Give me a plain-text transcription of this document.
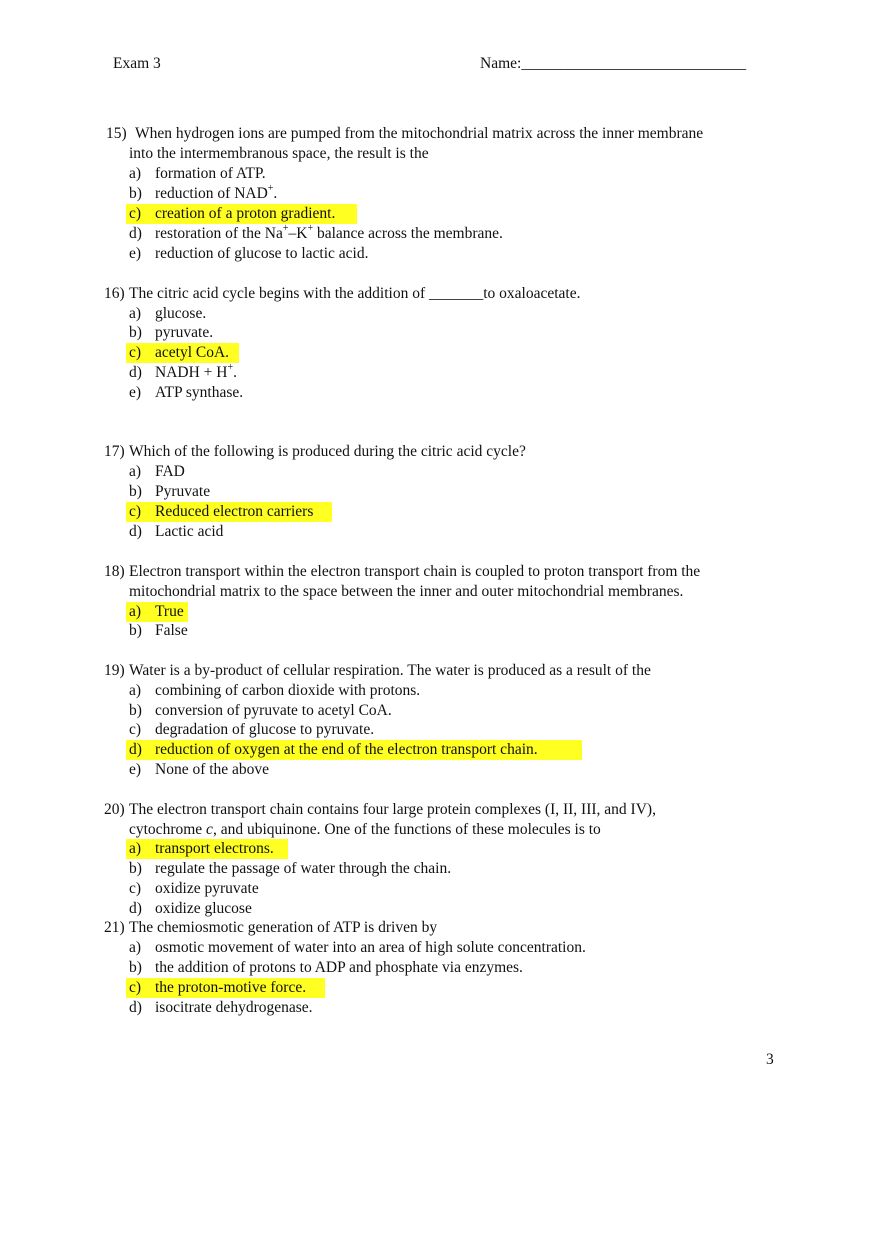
Exam 3	Name:_____________________________
15) When hydrogen ions are pumped from the mitochondrial matrix across the inner membrane
into the intermembranous space, the result is the
a) formation of ATP.
b) reduction of NAD+.
c) creation of a proton gradient.
d) restoration of the Na+–K+ balance across the membrane.
e) reduction of glucose to lactic acid.
16) The citric acid cycle begins with the addition of _______to oxaloacetate.
a) glucose.
b) pyruvate.
c) acetyl CoA.
d) NADH + H+.
e) ATP synthase.
17) Which of the following is produced during the citric acid cycle?
a) FAD
b) Pyruvate
c) Reduced electron carriers
d) Lactic acid
18) Electron transport within the electron transport chain is coupled to proton transport from the
mitochondrial matrix to the space between the inner and outer mitochondrial membranes.
a) True
b) False
19) Water is a by-product of cellular respiration. The water is produced as a result of the
a) combining of carbon dioxide with protons.
b) conversion of pyruvate to acetyl CoA.
c) degradation of glucose to pyruvate.
d) reduction of oxygen at the end of the electron transport chain.
e) None of the above
20) The electron transport chain contains four large protein complexes (I, II, III, and IV),
cytochrome c, and ubiquinone. One of the functions of these molecules is to
a) transport electrons.
b) regulate the passage of water through the chain.
c) oxidize pyruvate
d) oxidize glucose
21) The chemiosmotic generation of ATP is driven by
a) osmotic movement of water into an area of high solute concentration.
b) the addition of protons to ADP and phosphate via enzymes.
c) the proton-motive force.
d) isocitrate dehydrogenase.
3
